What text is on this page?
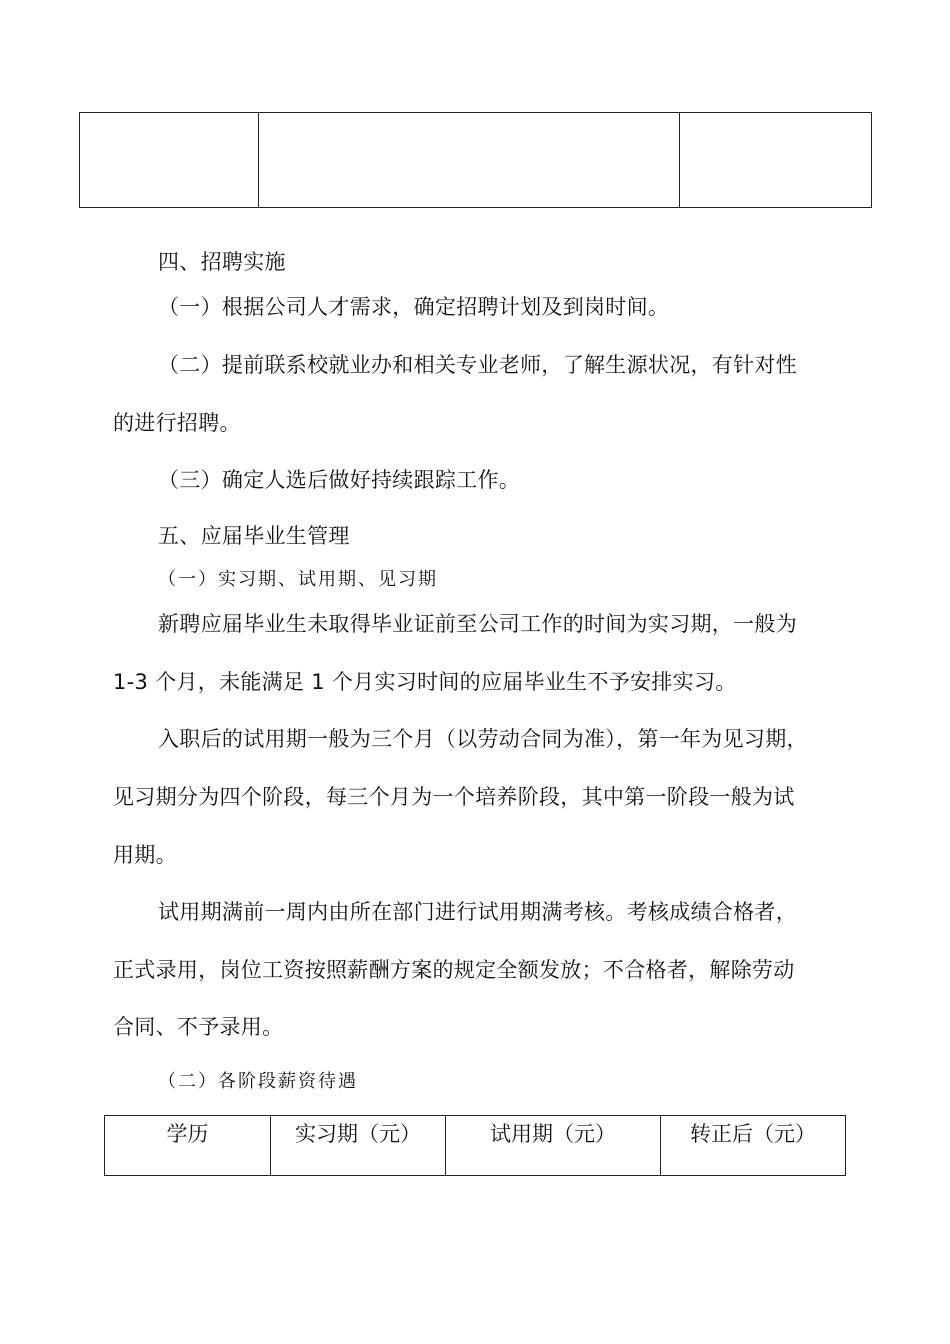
四、招聘实施
（一）根据公司人才需求，确定招聘计划及到岗时间。
（二）提前联系校就业办和相关专业老师，了解生源状况，有针对性
的进行招聘。
（三）确定人选后做好持续跟踪工作。
五、应届毕业生管理
（一）实习期、试用期、见习期
新聘应届毕业生未取得毕业证前至公司工作的时间为实习期，一般为
1-3 个月，未能满足 1 个月实习时间的应届毕业生不予安排实习。
入职后的试用期一般为三个月（以劳动合同为准），第一年为见习期，
见习期分为四个阶段，每三个月为一个培养阶段，其中第一阶段一般为试
用期。
试用期满前一周内由所在部门进行试用期满考核。考核成绩合格者，
正式录用，岗位工资按照薪酬方案的规定全额发放；不合格者，解除劳动
合同、不予录用。
（二）各阶段薪资待遇
学历	实习期（元）	试用期（元）	转正后（元）
